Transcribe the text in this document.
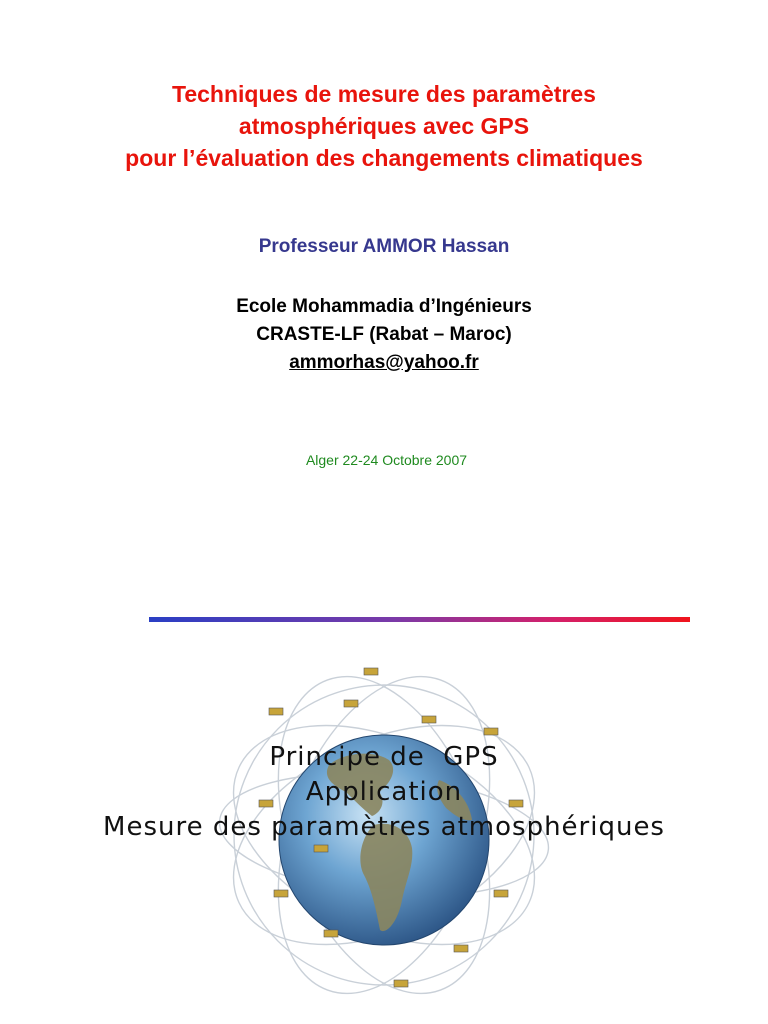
Techniques de mesure des paramètres
atmosphériques avec GPS
pour l’évaluation des changements climatiques
Professeur AMMOR Hassan
Ecole Mohammadia d’Ingénieurs
CRASTE-LF (Rabat – Maroc)
ammorhas@yahoo.fr
Alger 22-24 Octobre 2007
Principe de  GPS
Application
Mesure des paramètres atmosphériques
